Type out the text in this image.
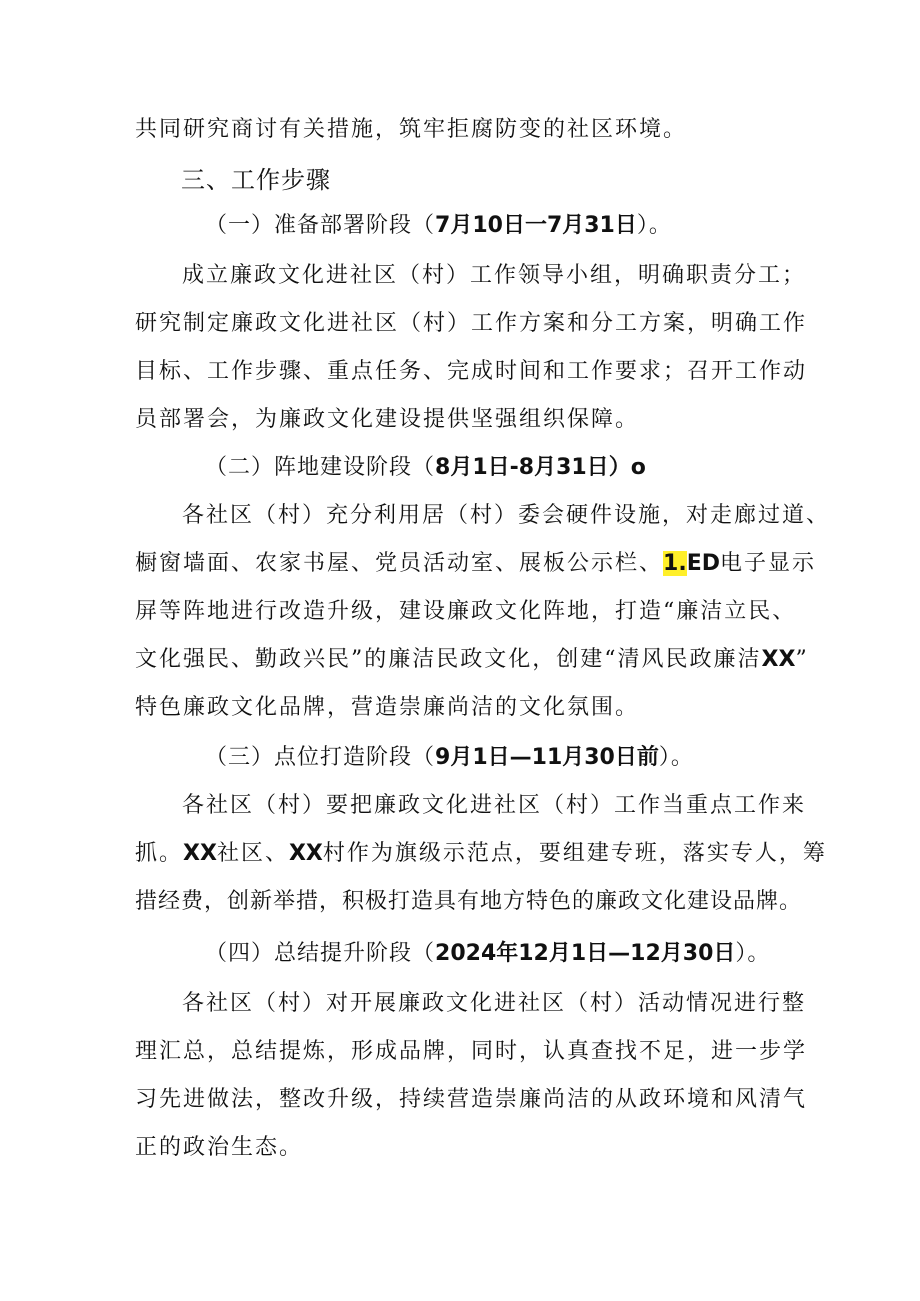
共同研究商讨有关措施，筑牢拒腐防变的社区环境。
三、工作步骤
（一）准备部署阶段（7月10日一7月31日）。
成立廉政文化进社区（村）工作领导小组，明确职责分工；
研究制定廉政文化进社区（村）工作方案和分工方案，明确工作
目标、工作步骤、重点任务、完成时间和工作要求；召开工作动
员部署会，为廉政文化建设提供坚强组织保障。
（二）阵地建设阶段（8月1日-8月31日）o
各社区（村）充分利用居（村）委会硬件设施，对走廊过道、
橱窗墙面、农家书屋、党员活动室、展板公示栏、1.ED电子显示
屏等阵地进行改造升级，建设廉政文化阵地，打造“廉洁立民、
文化强民、勤政兴民”的廉洁民政文化，创建“清风民政廉洁XX”
特色廉政文化品牌，营造崇廉尚洁的文化氛围。
（三）点位打造阶段（9月1日—11月30日前）。
各社区（村）要把廉政文化进社区（村）工作当重点工作来
抓。XX社区、XX村作为旗级示范点，要组建专班，落实专人，筹
措经费，创新举措，积极打造具有地方特色的廉政文化建设品牌。
（四）总结提升阶段（2024年12月1日—12月30日）。
各社区（村）对开展廉政文化进社区（村）活动情况进行整
理汇总，总结提炼，形成品牌，同时，认真查找不足，进一步学
习先进做法，整改升级，持续营造崇廉尚洁的从政环境和风清气
正的政治生态。
